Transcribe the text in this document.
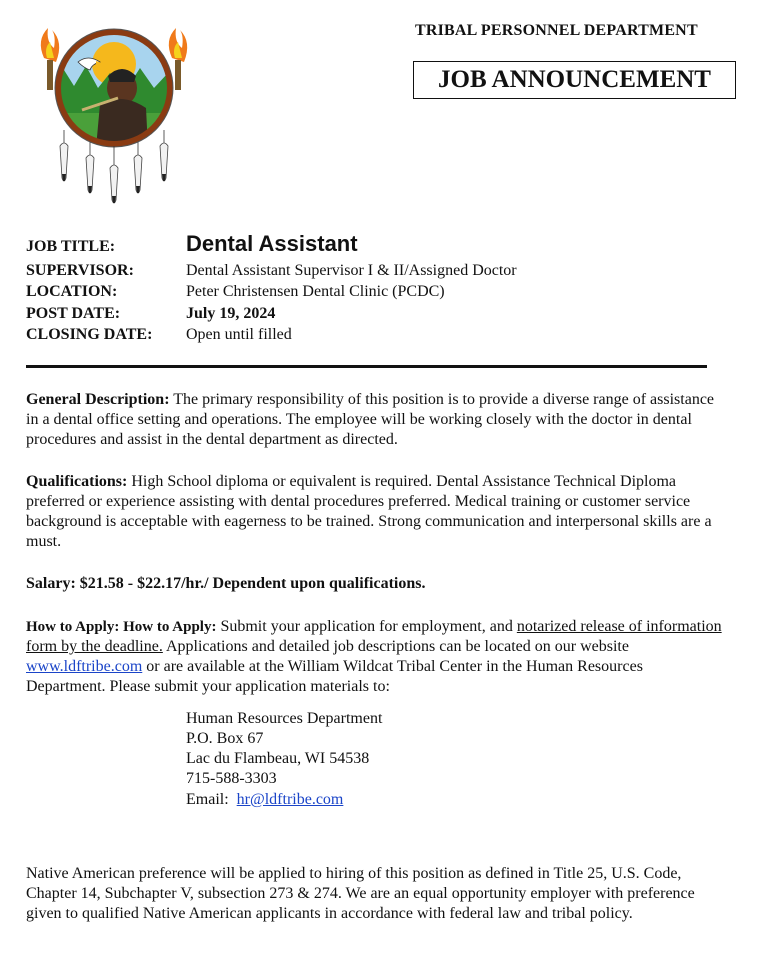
TRIBAL PERSONNEL DEPARTMENT
JOB ANNOUNCEMENT
JOB TITLE:	Dental Assistant
SUPERVISOR:	Dental Assistant Supervisor I & II/Assigned Doctor
LOCATION:	Peter Christensen Dental Clinic (PCDC)
POST DATE:	July 19, 2024
CLOSING DATE: Open until filled
General Description: The primary responsibility of this position is to provide a diverse range of assistance in a dental office setting and operations. The employee will be working closely with the doctor in dental procedures and assist in the dental department as directed.
Qualifications: High School diploma or equivalent is required. Dental Assistance Technical Diploma preferred or experience assisting with dental procedures preferred. Medical training or customer service background is acceptable with eagerness to be trained. Strong communication and interpersonal skills are a must.
Salary: $21.58 - $22.17/hr./ Dependent upon qualifications.
How to Apply: How to Apply: Submit your application for employment, and notarized release of information form by the deadline. Applications and detailed job descriptions can be located on our website www.ldftribe.com or are available at the William Wildcat Tribal Center in the Human Resources Department. Please submit your application materials to:
Human Resources Department
P.O. Box 67
Lac du Flambeau, WI 54538
715-588-3303
Email:  hr@ldftribe.com
Native American preference will be applied to hiring of this position as defined in Title 25, U.S. Code, Chapter 14, Subchapter V, subsection 273 & 274. We are an equal opportunity employer with preference given to qualified Native American applicants in accordance with federal law and tribal policy.
